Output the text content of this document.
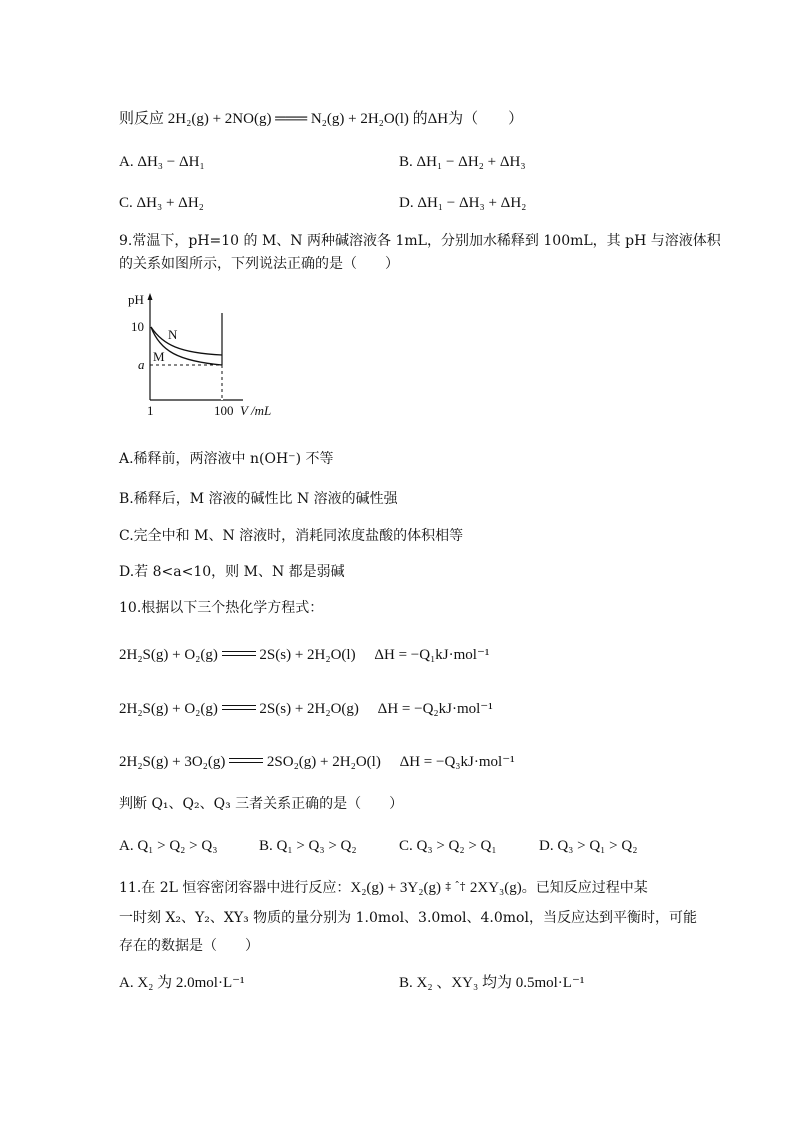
则反应 2H₂(g) + 2NO(g) ═══ N₂(g) + 2H₂O(l) 的ΔH为（　　）
A. ΔH₃ − ΔH₁	B. ΔH₁ − ΔH₂ + ΔH₃
C. ΔH₃ + ΔH₂	D. ΔH₁ − ΔH₃ + ΔH₂
9.常温下，pH=10 的 M、N 两种碱溶液各 1mL，分别加水稀释到 100mL，其 pH 与溶液体积
的关系如图所示，下列说法正确的是（　　）
pH
10
a
1	100 V /mL
N
M
A.稀释前，两溶液中 n(OH⁻) 不等
B.稀释后，M 溶液的碱性比 N 溶液的碱性强
C.完全中和 M、N 溶液时，消耗同浓度盐酸的体积相等
D.若 8<a<10，则 M、N 都是弱碱
10.根据以下三个热化学方程式：
2H₂S(g) + O₂(g)	2S(s) + 2H₂O(l) ΔH = −Q₁kJ·mol⁻¹
2H₂S(g) + O₂(g)	2S(s) + 2H₂O(g) ΔH = −Q₂kJ·mol⁻¹
2H₂S(g) + 3O₂(g)	2SO₂(g) + 2H₂O(l) ΔH = −Q₃kJ·mol⁻¹
判断 Q₁、Q₂、Q₃ 三者关系正确的是（　　）
A. Q₁ > Q₂ > Q₃	B. Q₁ > Q₃ > Q₂	C. Q₃ > Q₂ > Q₁	D. Q₃ > Q₁ > Q₂
11.在 2L 恒容密闭容器中进行反应：X₂(g) + 3Y₂(g) ‡ ˆ† 2XY₃(g)。已知反应过程中某
一时刻 X₂、Y₂、XY₃ 物质的量分别为 1.0mol、3.0mol、4.0mol，当反应达到平衡时，可能
存在的数据是（　　）
A. X₂ 为 2.0mol·L⁻¹	B. X₂ 、XY₃ 均为 0.5mol·L⁻¹
